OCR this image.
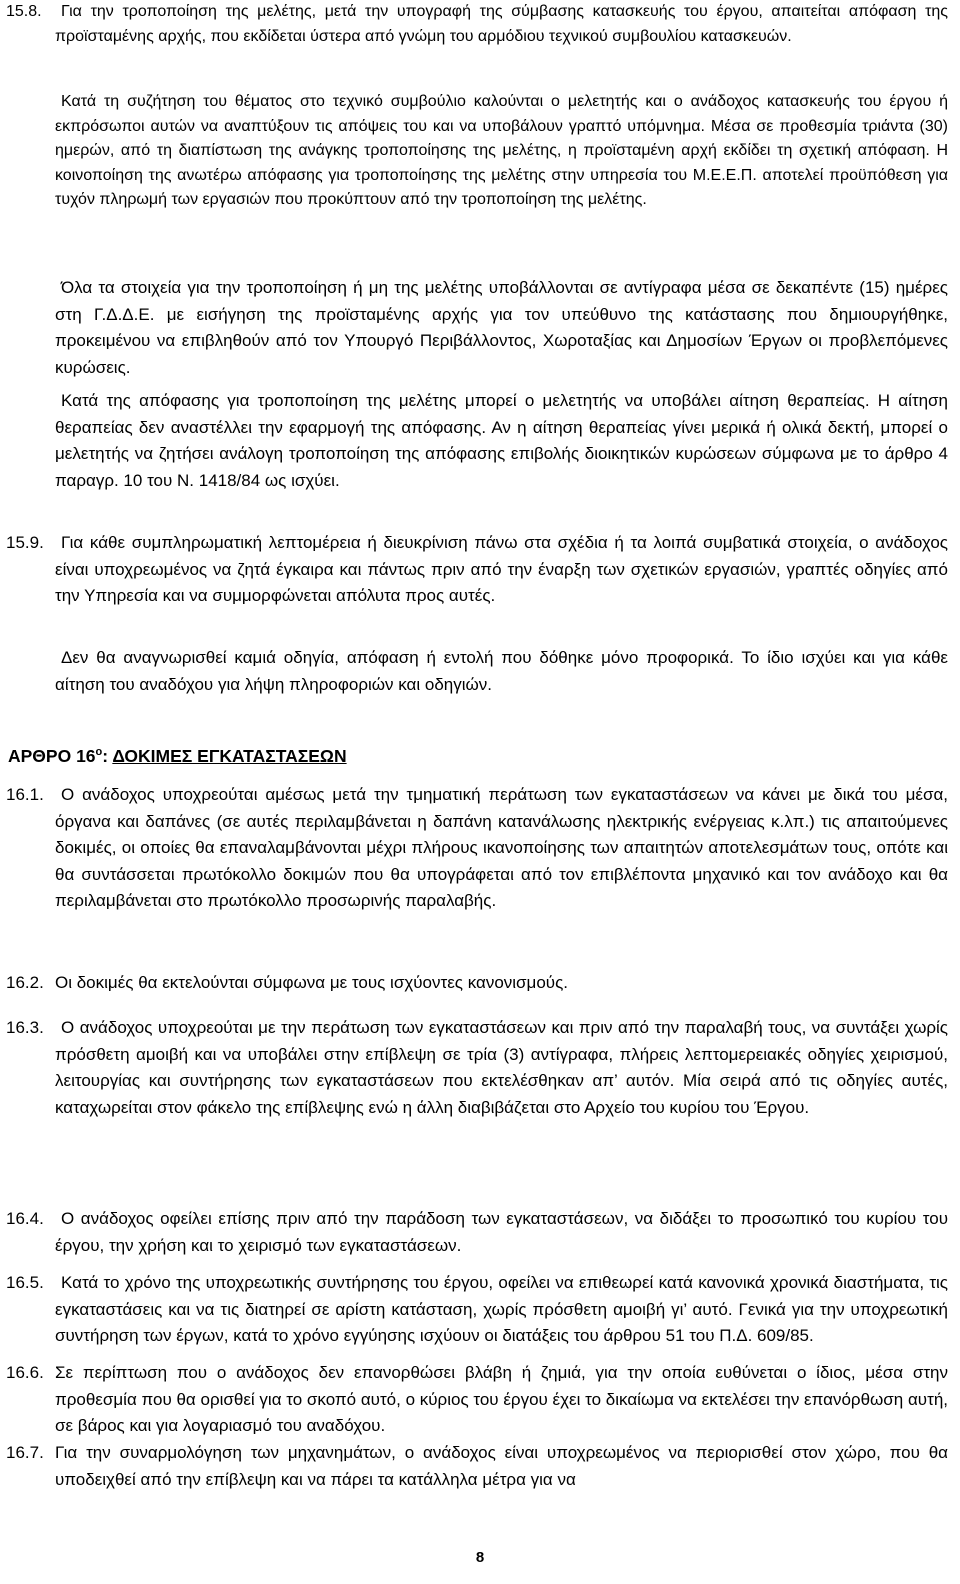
15.8.	Για την τροποποίηση της μελέτης, μετά την υπογραφή της σύμβασης κατασκευής του έργου, απαιτείται απόφαση της προϊσταμένης αρχής, που εκδίδεται ύστερα από γνώμη του αρμόδιου τεχνικού συμβουλίου κατασκευών.

Κατά τη συζήτηση του θέματος στο τεχνικό συμβούλιο καλούνται ο μελετητής και ο ανάδοχος κατασκευής του έργου ή εκπρόσωποι αυτών να αναπτύξουν τις απόψεις του και να υποβάλουν γραπτό υπόμνημα. Μέσα σε προθεσμία τριάντα (30) ημερών, από τη διαπίστωση της ανάγκης τροποποίησης της μελέτης, η προϊσταμένη αρχή εκδίδει τη σχετική απόφαση. Η κοινοποίηση της ανωτέρω απόφασης για τροποποίησης της μελέτης στην υπηρεσία του Μ.Ε.Ε.Π. αποτελεί προϋπόθεση για τυχόν πληρωμή των εργασιών που προκύπτουν από την τροποποίηση της μελέτης.

Όλα τα στοιχεία για την τροποποίηση ή μη της μελέτης υποβάλλονται σε αντίγραφα μέσα σε δεκαπέντε (15) ημέρες στη Γ.Δ.Δ.Ε. με εισήγηση της προϊσταμένης αρχής για τον υπεύθυνο της κατάστασης που δημιουργήθηκε, προκειμένου να επιβληθούν από τον Υπουργό Περιβάλλοντος, Χωροταξίας και Δημοσίων Έργων οι προβλεπόμενες κυρώσεις.

Κατά της απόφασης για τροποποίηση της μελέτης μπορεί ο μελετητής να υποβάλει αίτηση θεραπείας. Η αίτηση θεραπείας δεν αναστέλλει την εφαρμογή της απόφασης. Αν η αίτηση θεραπείας γίνει μερικά ή ολικά δεκτή, μπορεί ο μελετητής να ζητήσει ανάλογη τροποποίηση της απόφασης επιβολής διοικητικών κυρώσεων σύμφωνα με το άρθρο 4 παραγρ. 10 του Ν. 1418/84 ως ισχύει.

15.9.	Για κάθε συμπληρωματική λεπτομέρεια ή διευκρίνιση πάνω στα σχέδια ή τα λοιπά συμβατικά στοιχεία, ο ανάδοχος είναι υποχρεωμένος να ζητά έγκαιρα και πάντως πριν από την έναρξη των σχετικών εργασιών, γραπτές οδηγίες από την Υπηρεσία και να συμμορφώνεται απόλυτα προς αυτές.

Δεν θα αναγνωρισθεί καμιά οδηγία, απόφαση ή εντολή που δόθηκε μόνο προφορικά. Το ίδιο ισχύει και για κάθε αίτηση του αναδόχου για λήψη πληροφοριών και οδηγιών.

ΑΡΘΡΟ $16^o$: ΔΟΚΙΜΕΣ ΕΓΚΑΤΑΣΤΑΣΕΩΝ

16.1.	Ο ανάδοχος υποχρεούται αμέσως μετά την τμηματική περάτωση των εγκαταστάσεων να κάνει με δικά του μέσα, όργανα και δαπάνες (σε αυτές περιλαμβάνεται η δαπάνη κατανάλωσης ηλεκτρικής ενέργειας κ.λπ.) τις απαιτούμενες δοκιμές, οι οποίες θα επαναλαμβάνονται μέχρι πλήρους ικανοποίησης των απαιτητών αποτελεσμάτων τους, οπότε και θα συντάσσεται πρωτόκολλο δοκιμών που θα υπογράφεται από τον επιβλέποντα μηχανικό και τον ανάδοχο και θα περιλαμβάνεται στο πρωτόκολλο προσωρινής παραλαβής.

16.2. Οι δοκιμές θα εκτελούνται σύμφωνα με τους ισχύοντες κανονισμούς.

16.3.	Ο ανάδοχος υποχρεούται με την περάτωση των εγκαταστάσεων και πριν από την παραλαβή τους, να συντάξει χωρίς πρόσθετη αμοιβή και να υποβάλει στην επίβλεψη σε τρία (3) αντίγραφα, πλήρεις λεπτομερειακές οδηγίες χειρισμού, λειτουργίας και συντήρησης των εγκαταστάσεων που εκτελέσθηκαν απ’ αυτόν. Μία σειρά από τις οδηγίες αυτές, καταχωρείται στον φάκελο της επίβλεψης ενώ η άλλη διαβιβάζεται στο Αρχείο του κυρίου του Έργου.

16.4.	Ο ανάδοχος οφείλει επίσης πριν από την παράδοση των εγκαταστάσεων, να διδάξει το προσωπικό του κυρίου του έργου, την χρήση και το χειρισμό των εγκαταστάσεων.

16.5.	Κατά το χρόνο της υποχρεωτικής συντήρησης του έργου, οφείλει να επιθεωρεί κατά κανονικά χρονικά διαστήματα, τις εγκαταστάσεις και να τις διατηρεί σε αρίστη κατάσταση, χωρίς πρόσθετη αμοιβή γι’ αυτό. Γενικά για την υποχρεωτική συντήρηση των έργων, κατά το χρόνο εγγύησης ισχύουν οι διατάξεις του άρθρου 51 του Π.Δ. 609/85.

16.6. Σε περίπτωση που ο ανάδοχος δεν επανορθώσει βλάβη ή ζημιά, για την οποία ευθύνεται ο ίδιος, μέσα στην προθεσμία που θα ορισθεί για το σκοπό αυτό, ο κύριος του έργου έχει το δικαίωμα να εκτελέσει την επανόρθωση αυτή, σε βάρος και για λογαριασμό του αναδόχου.

16.7. Για την συναρμολόγηση των μηχανημάτων, ο ανάδοχος είναι υποχρεωμένος να περιορισθεί στον χώρο, που θα υποδειχθεί από την επίβλεψη και να πάρει τα κατάλληλα μέτρα για να

8
